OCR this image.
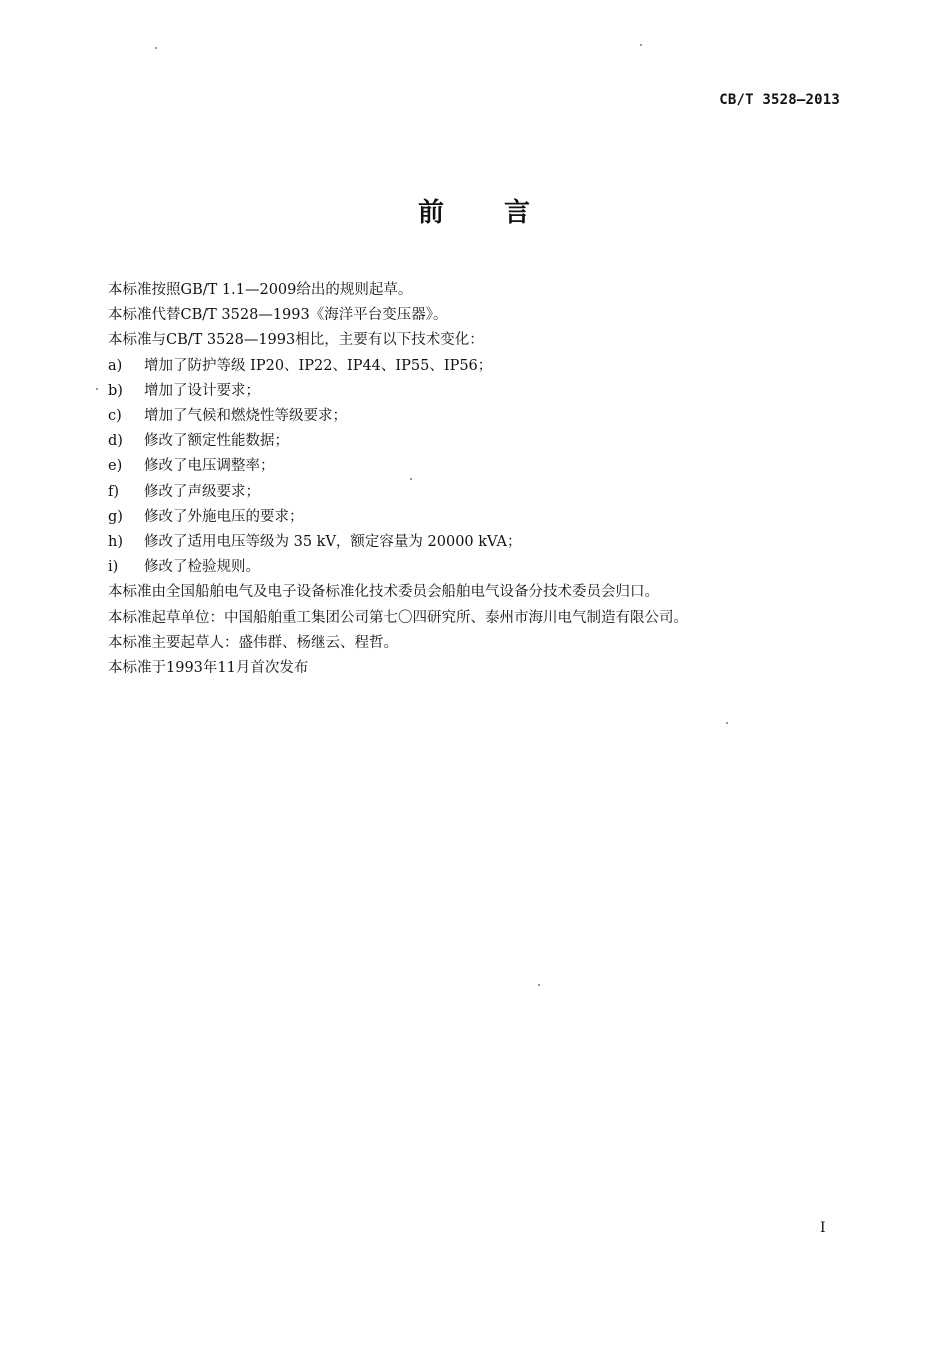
CB/T 3528—2013
前 言

本标准按照GB/T 1.1—2009给出的规则起草。

本标准代替CB/T 3528—1993《海洋平台变压器》。

本标准与CB/T 3528—1993相比，主要有以下技术变化：

a)	增加了防护等级 IP20、IP22、IP44、IP55、IP56；
b)	增加了设计要求；
c)	增加了气候和燃烧性等级要求；
d)	修改了额定性能数据；
e)	修改了电压调整率；
f)	修改了声级要求；
g)	修改了外施电压的要求；
h)	修改了适用电压等级为 35 kV，额定容量为 20000 kVA；
i)	修改了检验规则。

本标准由全国船舶电气及电子设备标准化技术委员会船舶电气设备分技术委员会归口。

本标准起草单位：中国船舶重工集团公司第七〇四研究所、泰州市海川电气制造有限公司。

本标准主要起草人：盛伟群、杨继云、程哲。

本标准于1993年11月首次发布

I
